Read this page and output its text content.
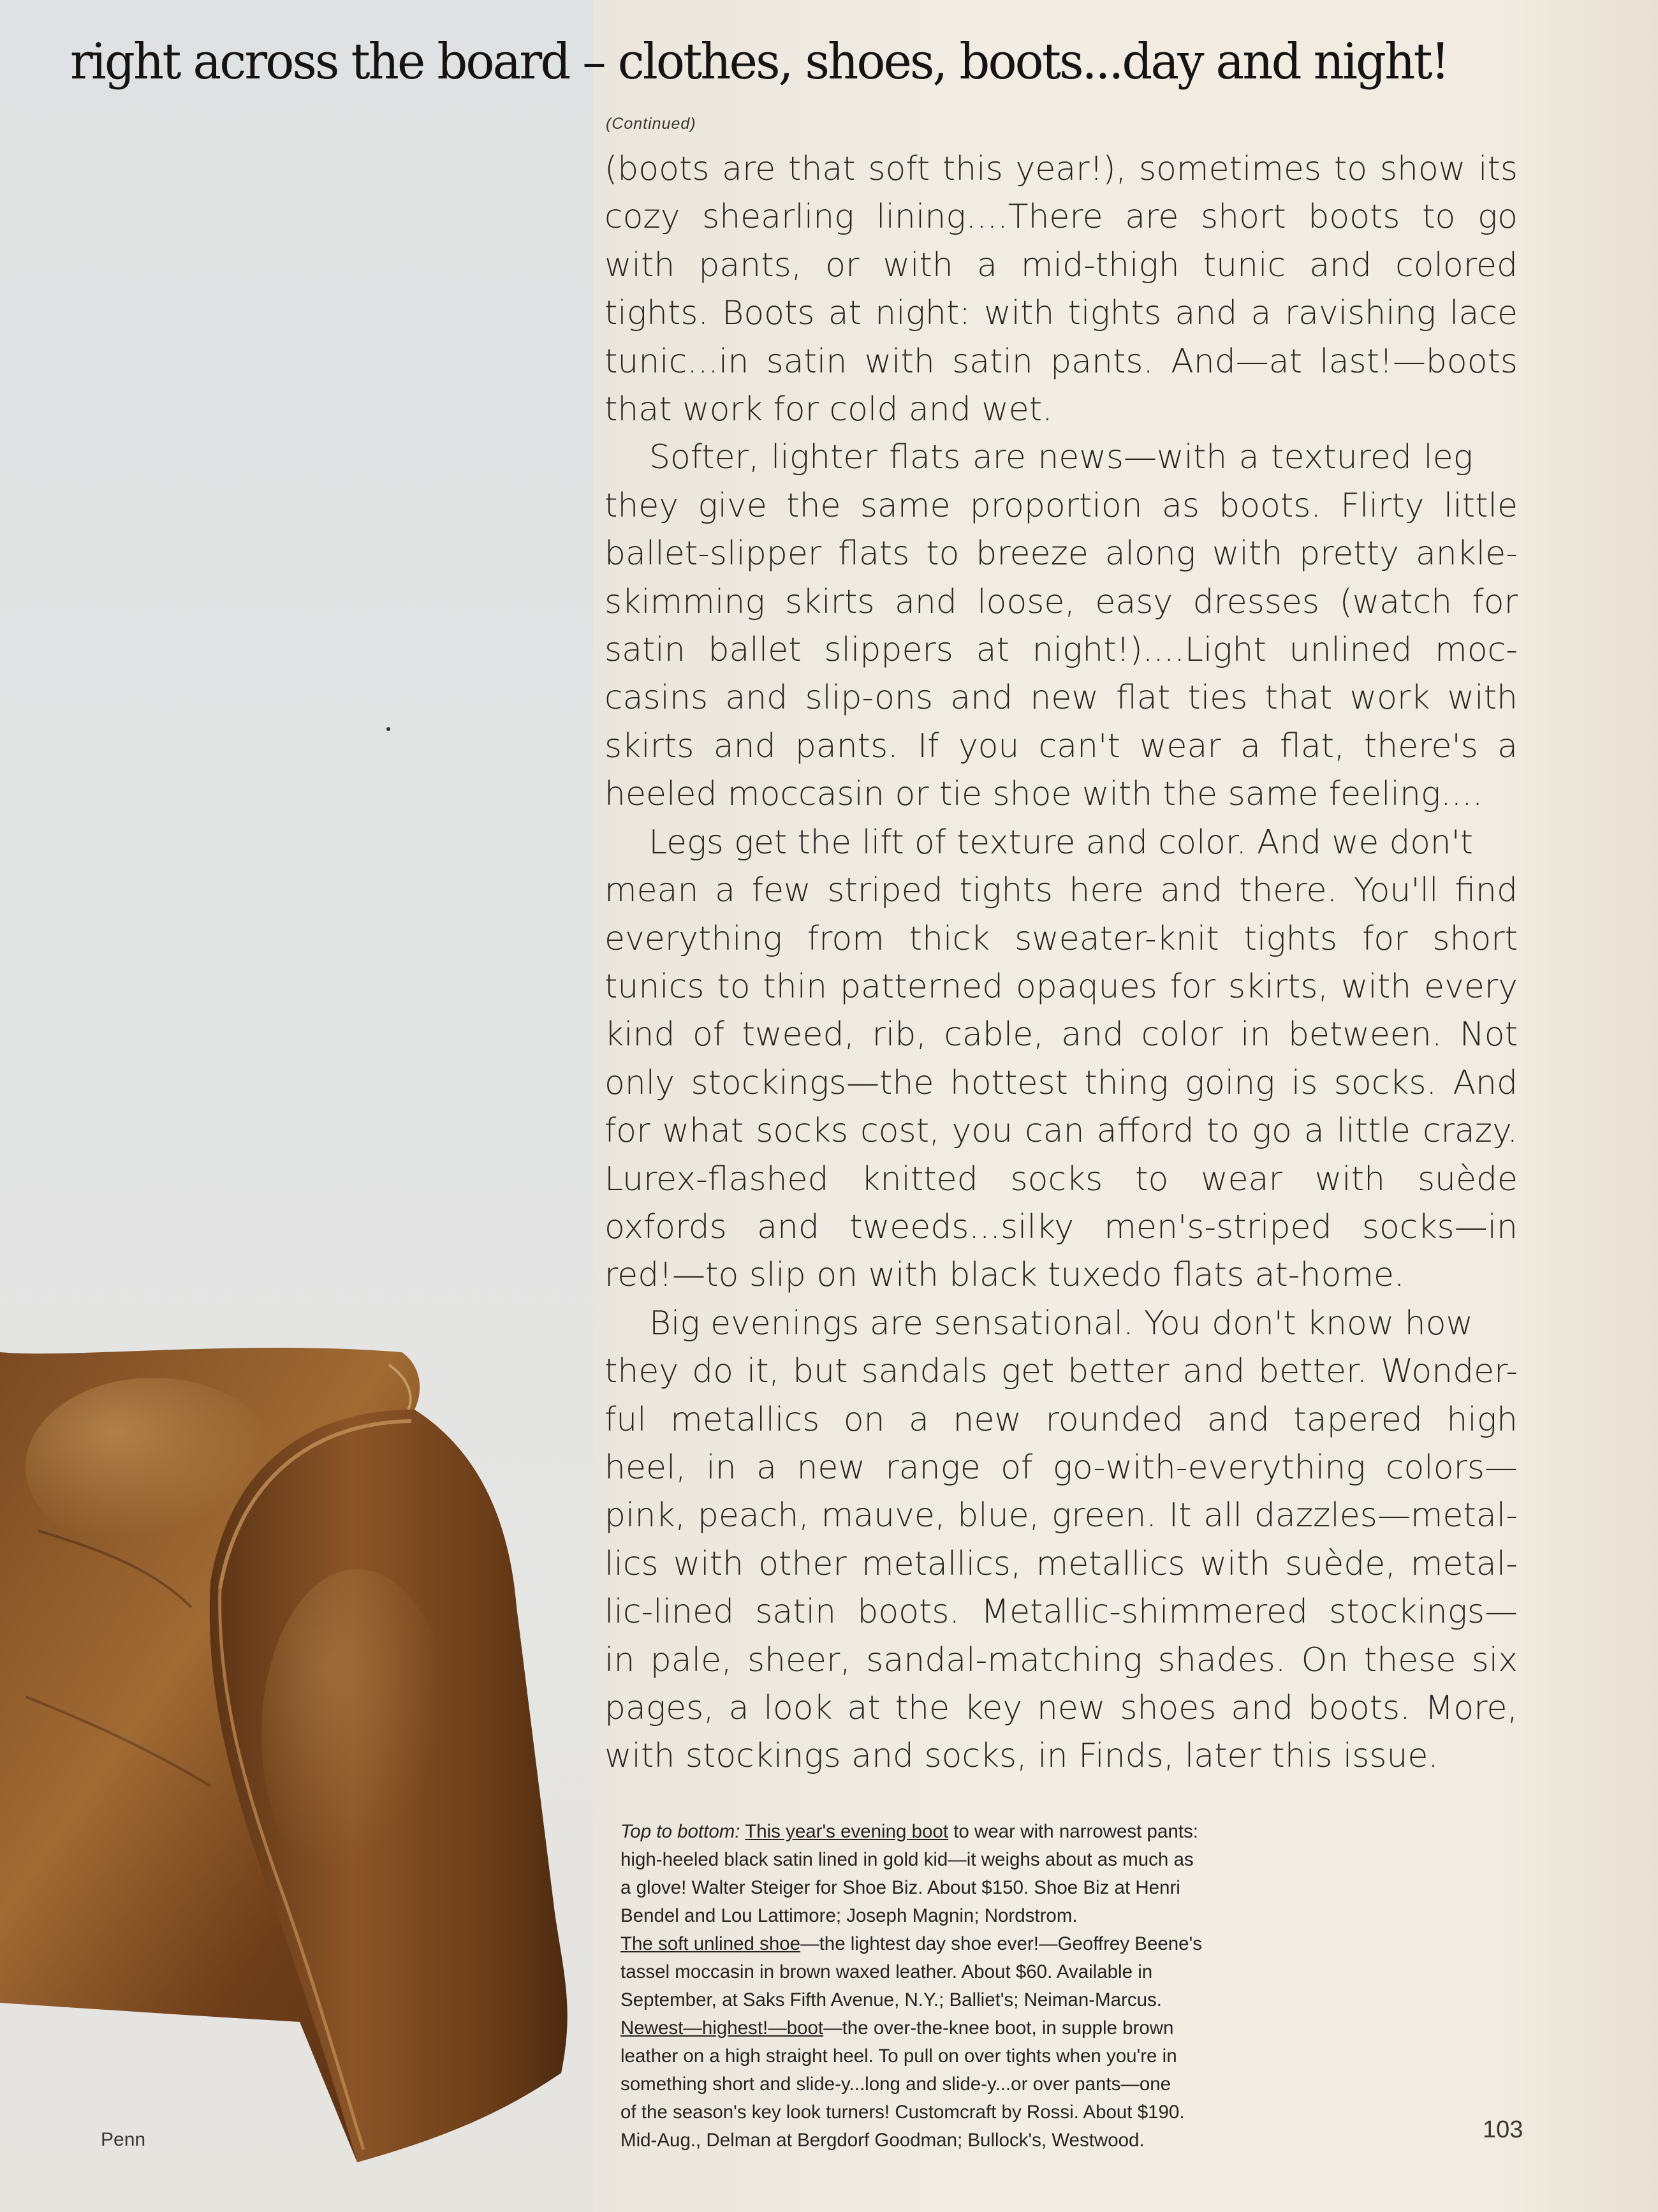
right across the board – clothes, shoes, boots...day and night!
(Continued)

(boots are that soft this year!), sometimes to show its
cozy shearling lining....There are short boots to go
with pants, or with a mid-thigh tunic and colored
tights. Boots at night: with tights and a ravishing lace
tunic...in satin with satin pants. And—at last!—boots
that work for cold and wet.

Softer, lighter flats are news—with a textured leg
they give the same proportion as boots. Flirty little
ballet-slipper flats to breeze along with pretty ankle-
skimming skirts and loose, easy dresses (watch for
satin ballet slippers at night!)....Light unlined moc-
casins and slip-ons and new flat ties that work with
skirts and pants. If you can't wear a flat, there's a
heeled moccasin or tie shoe with the same feeling....

Legs get the lift of texture and color. And we don't
mean a few striped tights here and there. You'll find
everything from thick sweater-knit tights for short
tunics to thin patterned opaques for skirts, with every
kind of tweed, rib, cable, and color in between. Not
only stockings—the hottest thing going is socks. And
for what socks cost, you can afford to go a little crazy.
Lurex-flashed knitted socks to wear with suède
oxfords and tweeds...silky men's-striped socks—in
red!—to slip on with black tuxedo flats at-home.

Big evenings are sensational. You don't know how
they do it, but sandals get better and better. Wonder-
ful metallics on a new rounded and tapered high
heel, in a new range of go-with-everything colors—
pink, peach, mauve, blue, green. It all dazzles—metal-
lics with other metallics, metallics with suède, metal-
lic-lined satin boots. Metallic-shimmered stockings—
in pale, sheer, sandal-matching shades. On these six
pages, a look at the key new shoes and boots. More,
with stockings and socks, in Finds, later this issue.

Top to bottom: This year's evening boot to wear with narrowest pants:
high-heeled black satin lined in gold kid—it weighs about as much as
a glove! Walter Steiger for Shoe Biz. About $150. Shoe Biz at Henri
Bendel and Lou Lattimore; Joseph Magnin; Nordstrom.
The soft unlined shoe—the lightest day shoe ever!—Geoffrey Beene's
tassel moccasin in brown waxed leather. About $60. Available in
September, at Saks Fifth Avenue, N.Y.; Balliet's; Neiman-Marcus.
Newest—highest!—boot—the over-the-knee boot, in supple brown
leather on a high straight heel. To pull on over tights when you're in
something short and slide-y...long and slide-y...or over pants—one
of the season's key look turners! Customcraft by Rossi. About $190.
Mid-Aug., Delman at Bergdorf Goodman; Bullock's, Westwood.
Penn	103
